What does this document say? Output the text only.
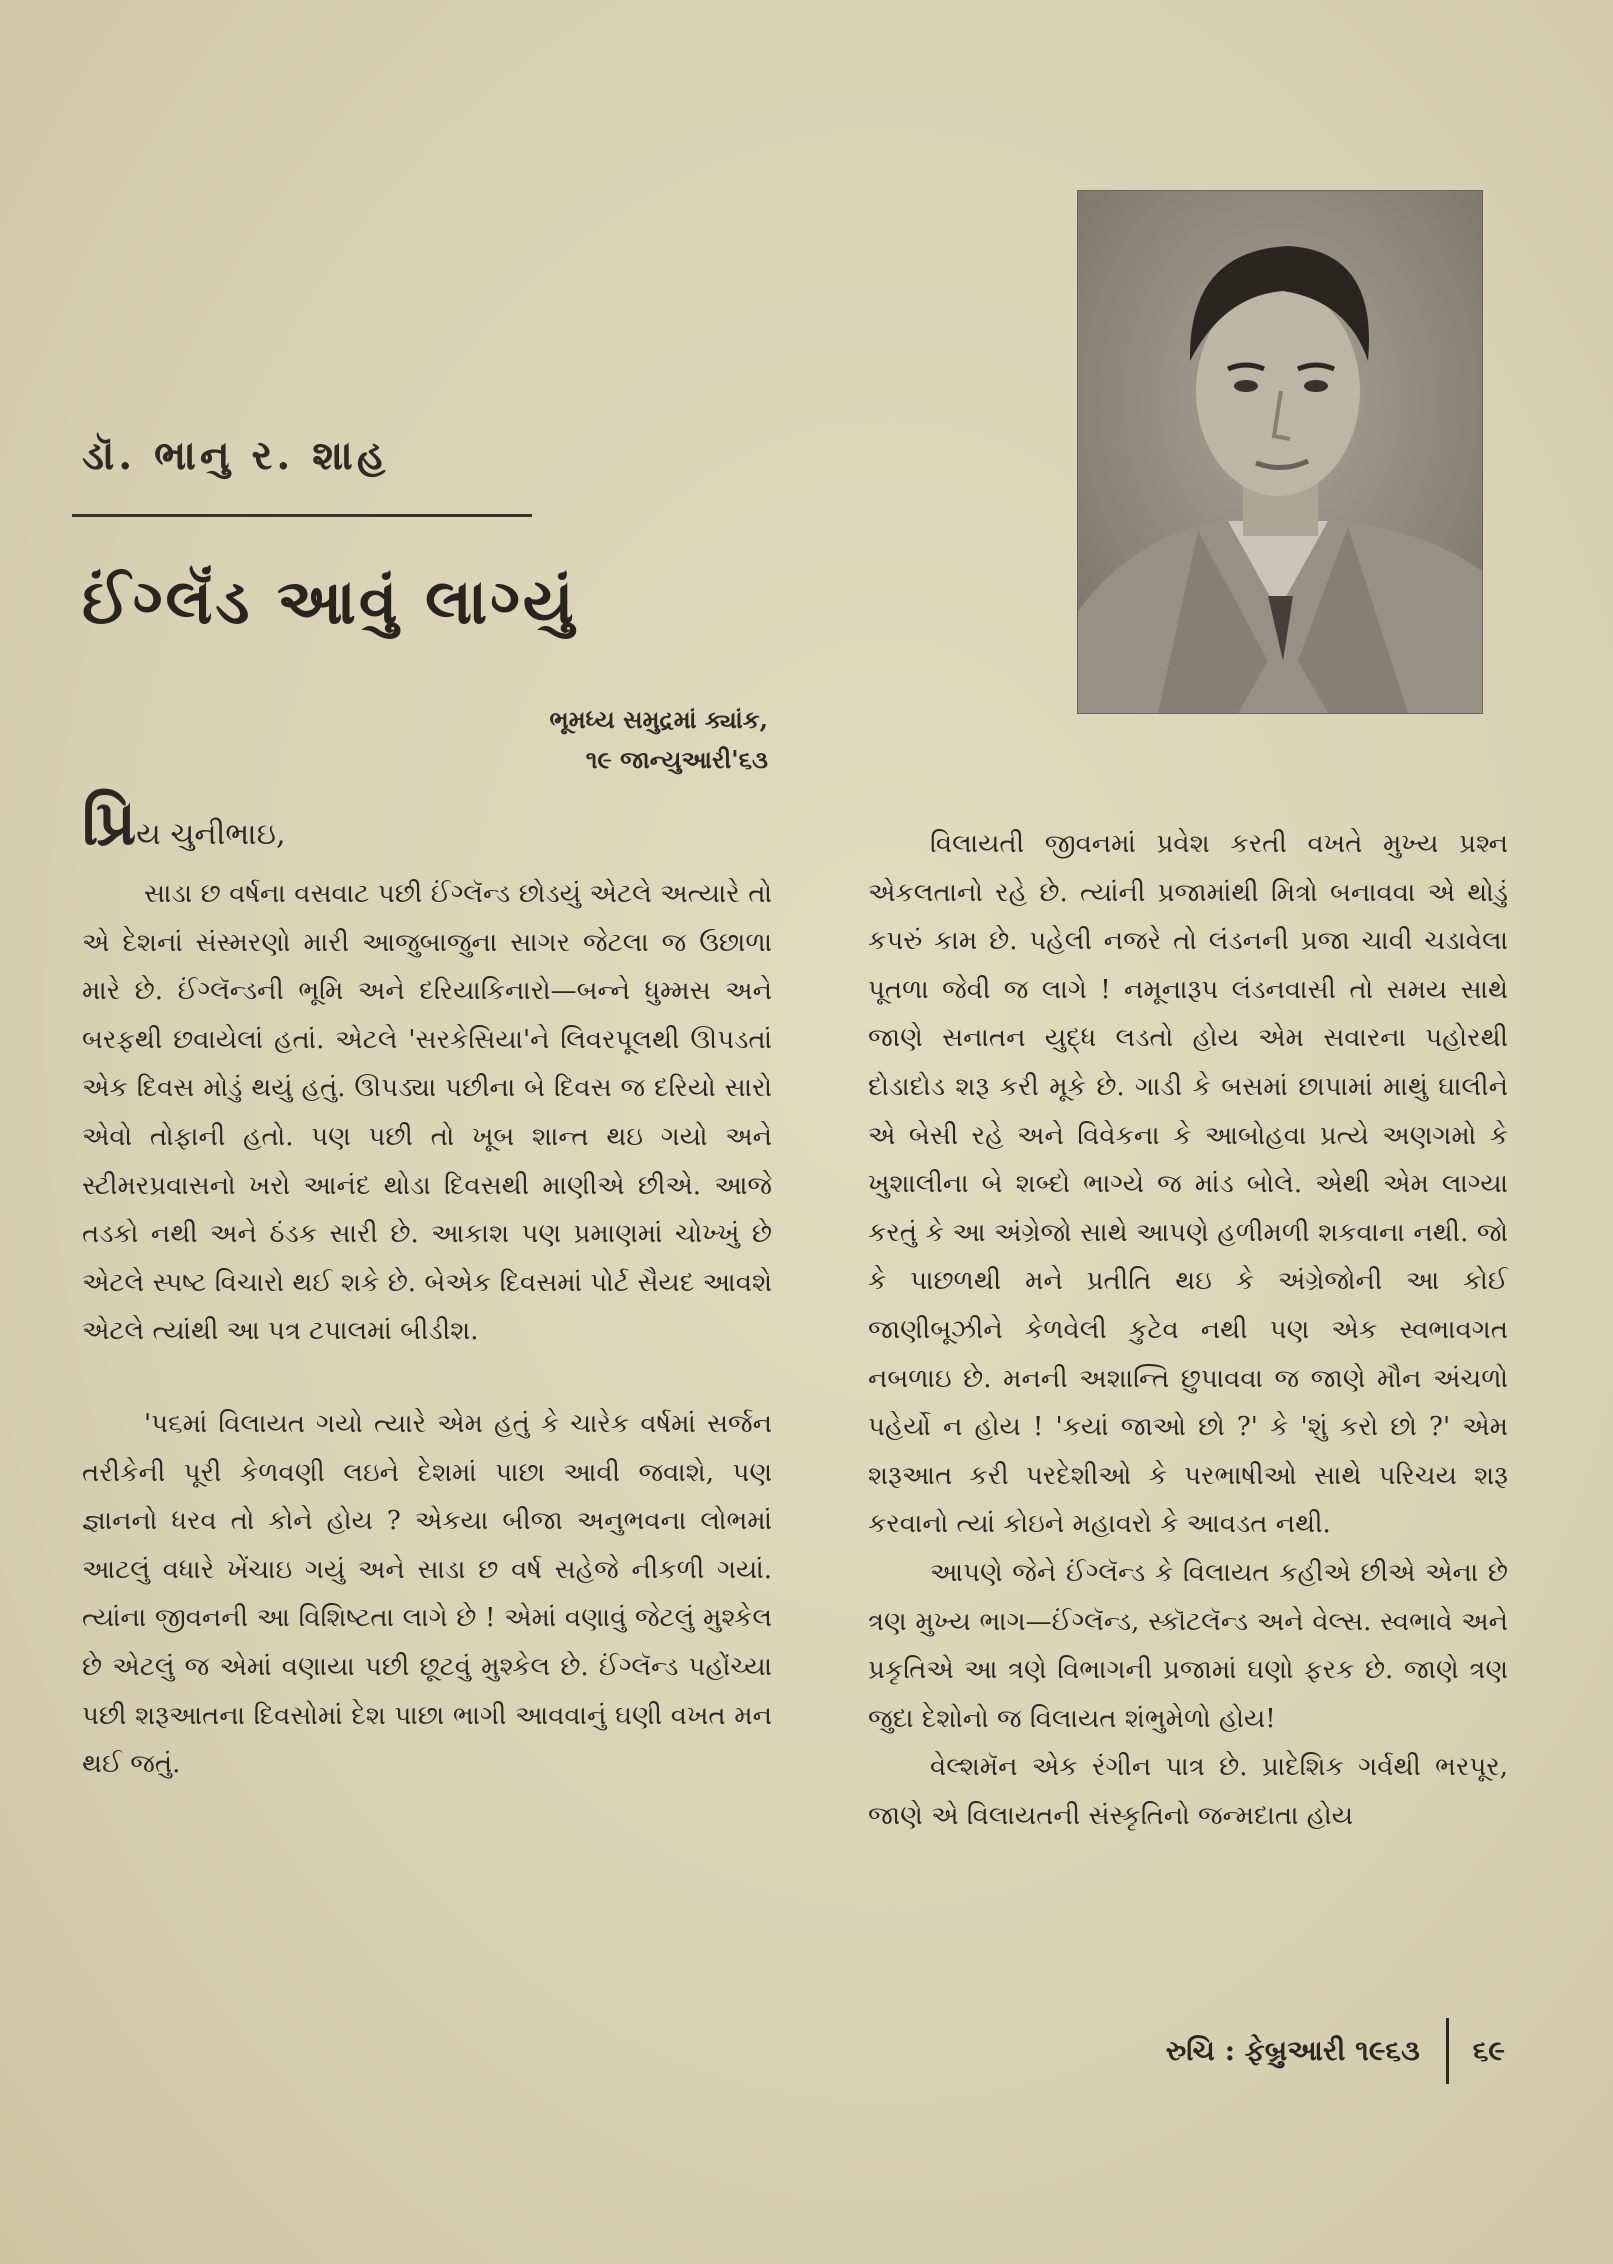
ડૉ. ભાનુ ર. શાહ
ઈંગ્લૅંડ આવું લાગ્યું
ભૂમધ્ય સમુદ્રમાં ક્યાંક,
૧૯ જાન્યુઆરી'૬૩

પ્રિય ચુનીભાઇ,

સાડા છ વર્ષના વસવાટ પછી ઈંગ્લૅન્ડ છોડયું એટલે અત્યારે તો એ દેશનાં સંસ્મરણો મારી આજુબાજુના સાગર જેટલા જ ઉછાળા મારે છે. ઈંગ્લૅન્ડની ભૂમિ અને દરિયાકિનારો—બન્ને ધુમ્મસ અને બરફથી છવાયેલાં હતાં. એટલે 'સરકેસિયા'ને લિવરપૂલથી ઊપડતાં એક દિવસ મોડું થયું હતું. ઊપડ્યા પછીના બે દિવસ જ દરિયો સારો એવો તોફાની હતો. પણ પછી તો ખૂબ શાન્ત થઇ ગયો અને સ્ટીમરપ્રવાસનો ખરો આનંદ થોડા દિવસથી માણીએ છીએ. આજે તડકો નથી અને ઠંડક સારી છે. આકાશ પણ પ્રમાણમાં ચોખ્ખું છે એટલે સ્પષ્ટ વિચારો થઈ શકે છે. બેએક દિવસમાં પોર્ટ સૈયદ આવશે એટલે ત્યાંથી આ પત્ર ટપાલમાં બીડીશ.

'પ૬માં વિલાયત ગયો ત્યારે એમ હતું કે ચારેક વર્ષમાં સર્જન તરીકેની પૂરી કેળવણી લઇને દેશમાં પાછા આવી જવાશે, પણ જ્ઞાનનો ધરવ તો કોને હોય ? એકયા બીજા અનુભવના લોભમાં આટલું વધારે ખેંચાઇ ગયું અને સાડા છ વર્ષ સહેજે નીકળી ગયાં. ત્યાંના જીવનની આ વિશિષ્ટતા લાગે છે ! એમાં વણાવું જેટલું મુશ્કેલ છે એટલું જ એમાં વણાયા પછી છૂટવું મુશ્કેલ છે. ઈંગ્લૅન્ડ પહોંચ્યા પછી શરૂઆતના દિવસોમાં દેશ પાછા ભાગી આવવાનું ઘણી વખત મન થઈ જતું.

વિલાયતી જીવનમાં પ્રવેશ કરતી વખતે મુખ્ય પ્રશ્ન એકલતાનો રહે છે. ત્યાંની પ્રજામાંથી મિત્રો બનાવવા એ થોડું કપરું કામ છે. પહેલી નજરે તો લંડનની પ્રજા ચાવી ચડાવેલા પૂતળા જેવી જ લાગે ! નમૂનારૂપ લંડનવાસી તો સમય સાથે જાણે સનાતન યુદ્ધ લડતો હોય એમ સવારના પહોરથી દોડાદોડ શરૂ કરી મૂકે છે. ગાડી કે બસમાં છાપામાં માથું ઘાલીને એ બેસી રહે અને વિવેકના કે આબોહવા પ્રત્યે અણગમો કે ખુશાલીના બે શબ્દો ભાગ્યે જ માંડ બોલે. એથી એમ લાગ્યા કરતું કે આ અંગ્રેજો સાથે આપણે હળીમળી શકવાના નથી. જો કે પાછળથી મને પ્રતીતિ થઇ કે અંગ્રેજોની આ કોઈ જાણીબૂઝીને કેળવેલી કુટેવ નથી પણ એક સ્વભાવગત નબળાઇ છે. મનની અશાન્તિ છુપાવવા જ જાણે મૌન અંચળો પહેર્યો ન હોય ! 'કયાં જાઓ છો ?' કે 'શું કરો છો ?' એમ શરૂઆત કરી પરદેશીઓ કે પરભાષીઓ સાથે પરિચય શરૂ કરવાનો ત્યાં કોઇને મહાવરો કે આવડત નથી.

આપણે જેને ઈંગ્લૅન્ડ કે વિલાયત કહીએ છીએ એના છે ત્રણ મુખ્ય ભાગ—ઈંગ્લૅન્ડ, સ્કૉટલૅન્ડ અને વેલ્સ. સ્વભાવે અને પ્રકૃતિએ આ ત્રણે વિભાગની પ્રજામાં ઘણો ફરક છે. જાણે ત્રણ જુદા દેશોનો જ વિલાયત શંભુમેળો હોય!

વેલ્શમૅન એક રંગીન પાત્ર છે. પ્રાદેશિક ગર્વથી ભરપૂર, જાણે એ વિલાયતની સંસ્કૃતિનો જન્મદાતા હોય

રુચિ : ફેબ્રુઆરી ૧૯૬૩ ૬૯
